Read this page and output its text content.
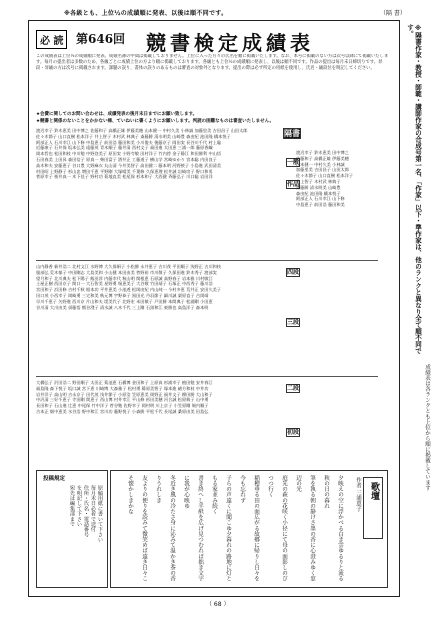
※各級とも、上位½の成績順に発表、以後は順不同です。	（隔 書）
必 読	第646回 競書検定成績表
この成績表は上位½の成績順に発表。成績名簿の中間は掲載しておりません。上位に入った方々の氏名を順に掲載いたします。なお、本号に掲載のない方は次号以降にて掲載いたします。毎月の提出者は多数のため、各級ごとに成績上位の方より順に掲載しております。各級とも上位½の成績順に発表し、以後は順不同です。作品の提出は毎月末日締切りです。昇段・昇級の方は次号に掲載されます。課題の誤り、書体の誤りのあるものは審査の対象外となります。提出の際は必ず所定の用紙を使用し、氏名・級段位を明記してください。
★会費に関してのお問い合わせは、成績発表の後月末日までにお願い致します。
★競書と関係のないことをかかない様、ていねいに書くようにお願いします。判読の困難なものは審査いたしません。
渡辺幸子 鈴木恵美 田中博之 佐藤和子 高橋正雄 伊藤美穂 山本健一 中村久美 小林誠 加藤里美 吉田昌子 山田太郎
佐々木節子 山口直樹 松本洋子 井上智子 木村武 林典子 斎藤勝 清水明美 山崎豊 森由紀 池田隆 橋本悦子
阿部正人 石川幸江 山下修 中島恵子 前田浩 藤田和美 小川俊夫 後藤京子 岡田実 長谷川千代 村上聡
近藤康子 石井保 坂本弘美 遠藤茂 青木順子 藤井清 西村文子 福田進 太田恵 三浦一郎 藤原香織
岡本哲也 松田和枝 中川勉 中野登美子 原田実 小野寺敏 田村洋子 竹内啓 金子静江 和田勝利 中山悟
石田春美 上田昇 森田信子 原真一 柴田富子 酒井正 工藤道子 横山学 宮崎ゆかり 宮本聡 内田良子
高木和夫 安藤恵子 谷口豊 大野麻衣 丸山清 今井美智子 高田健二 藤本明 河野綾子 小島進 武田清美
村田昭 上野静子 杉山忠 増田千恵 平野剛 大塚晴美 千葉修 久保恵理 松井誠 岩崎房子 野口和男
菅原幸子 桜井真一 木下佳子 野村功 菊地直美 松尾保 杉本和子 大西健 斉藤弘子 川口聡 岩田洋
山内静香 新井浩二 北村文江 水野博 大久保絹子 小松勝 永井恵子 吉川茂 平田順子 浅野正 古川和枝
服部弘 荒木郁子 中田剛志 大島美和 小山健 本田由美 菅野裕 市川敬子 久保田進 鈴木秀子 渡部実
望月和子 北川典夫 松下陽子 飯田淳 内藤幸代 秋山明 関根恵 石原誠 高野春子 岩本雅 川村敏江
土屋正樹 西田京子 関口一 大石智美 星野勇 堀恵美子 大谷敬 竹田靖子 石塚正 中西秀子 藤川浩
宮田和子 浜田修 吉村千秋 根本功 平井恵美 小池透 松岡由紀 内山純一 今村多恵 荒井正 安田久美子
田口茂 小西幸子 岡崎勇 三宅和美 秋元博 宇野恭子 黒田光 丹羽節子 細川誠 栗原直子 吉岡靖
早川千恵子 矢野進 西川京 片山和夫 堤美代子 北野宏 米田敏子 戸田勝 本間典子 松浦剛 小田恵
谷川清 大川由美 須藤悟 熊谷澄子 清水誠 八木千代 三上剛 石黒和江 東勝也 高島洋子 森本明
大橋弘子 沢田浩二 野田順子 太田正 菊池恵 石橋博 金田和子 上原真 杉浦幸子 植田勉 安井春江
福島隆 森下悦子 坂口誠 宮下恵 川崎博 大森雅子 松村勇 篠原美智子 塚本進 緒方和枝 中井功
岩井洋子 高山明 吉永京子 田代茂 浅井節子 小原浩 笠原恵美 岡野正 福井文子 柳田勝 大山和子
中沢清 三好千恵子 寺田剛 関恵子 西山博 村井幸江 平山修 杉田美穂 河合誠 松原典子 山中勇
長田和子 石山進 辻恵 中尾保 竹中洋子 菅谷勉 佐野幸子 岡村明 川上京子 小笠原剛 堀内順子
吉本正 畑中恵美 水谷浩 野中和江 宮川功 藤野悦子 小森勝 平松千代 長尾誠 桑原由美 田島弘
一般
作品
隔書
四段
三段
二段
初段
渡辺幸子 鈴木恵美 田中博之
佐藤和子 高橋正雄 伊藤美穂
山本健一 中村久美 小林誠
加藤里美 吉田昌子 山田太郎
佐々木節子 山口直樹 松本洋子
井上智子 木村武 林典子
斎藤勝 清水明美 山崎豊
森由紀 池田隆 橋本悦子
阿部正人 石川幸江 山下修
中島恵子 前田浩 藤田和美	※隔書作家・教授・師範・講師作家の合成号第一名、「作家」以下・準作家は、他のランクと異なり全て順不同です。
成績表は各ランクとも上位から順に掲載しています
投稿規定
原稿用紙に書いて下さい
毎月末日必着で送付
住所・氏名・電話番号
を明記して下さい
宛先は編集部まで	歌壇
作者 三浦恵子
夕映えの空に浮かべる白き雲ゆるりと流る秋の日の暮れ
筆を執る朝の静けさ墨の香に心澄みゆく窓辺の光
庭先の萩の花咲く小径にて母の面影しのびつつ行く
稲穂垂る田の面広がる故郷に帰りし日々を今も忘れず
子らの声遠くに聞こゆ夕暮れの路地に灯ともる家並み続く
書き終へし半紙を広げ見つむれば拙き文字に我が心映ゆ
冬近き風の冷たさ身に沁みて温かき茶の香りうれしき
友よりの便りを読みて微笑めば遠き日々こそ懐かしきかな
（ 68 ）
